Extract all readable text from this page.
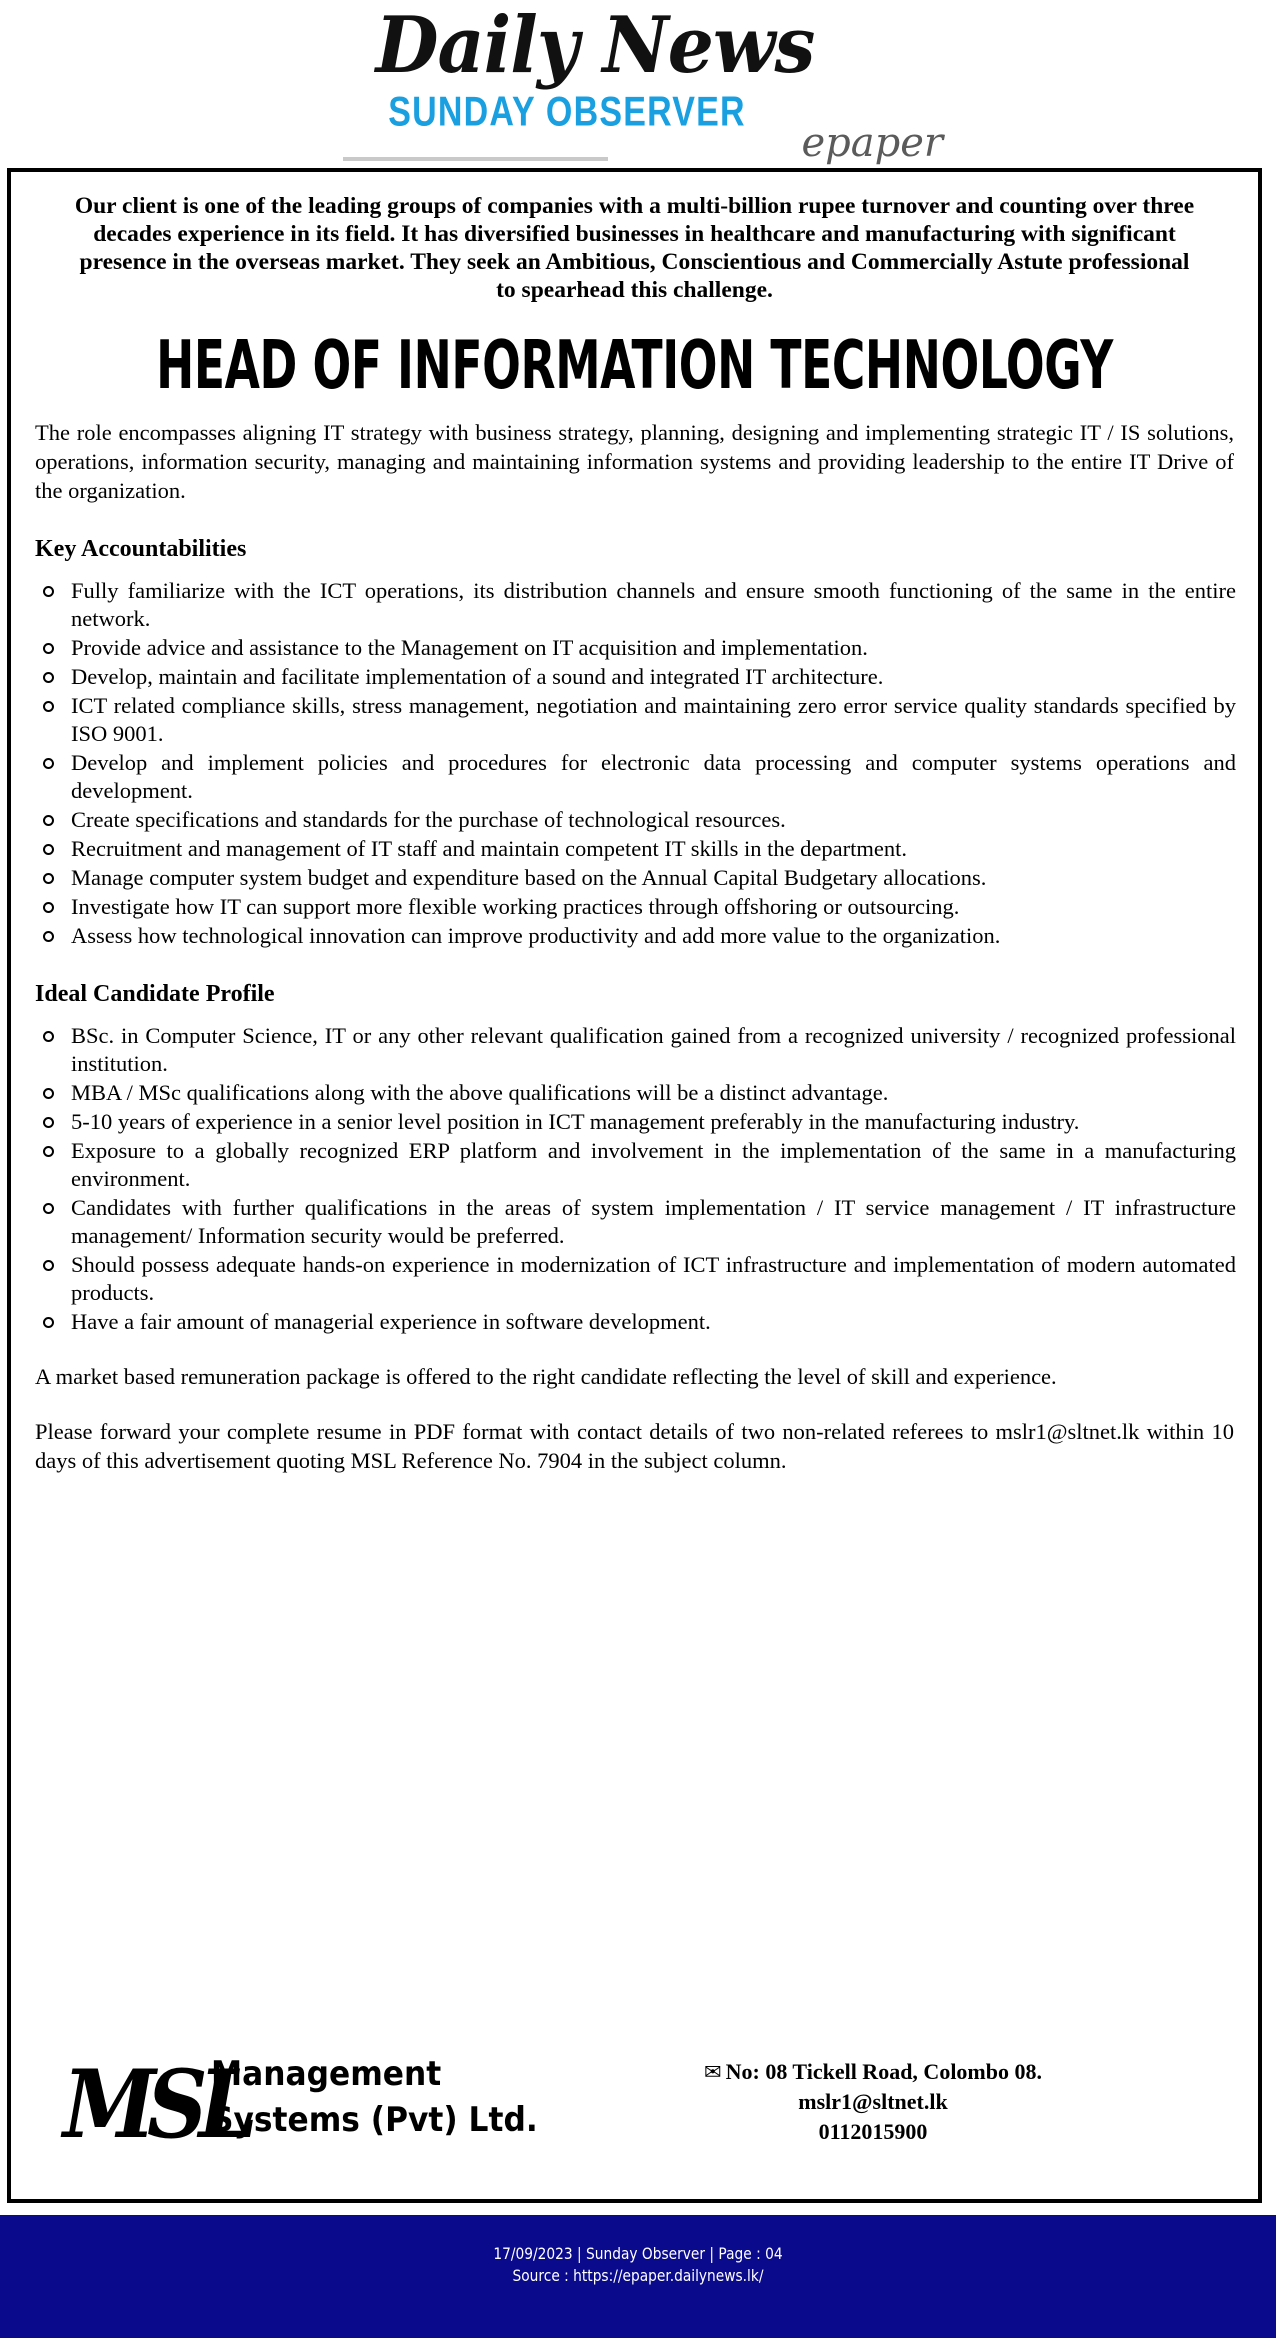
Daily News
SUNDAY OBSERVER
epaper

Our client is one of the leading groups of companies with a multi-billion rupee turnover and counting over three decades experience in its field. It has diversified businesses in healthcare and manufacturing with significant presence in the overseas market. They seek an Ambitious, Conscientious and Commercially Astute professional to spearhead this challenge.

HEAD OF INFORMATION TECHNOLOGY

The role encompasses aligning IT strategy with business strategy, planning, designing and implementing strategic IT / IS solutions, operations, information security, managing and maintaining information systems and providing leadership to the entire IT Drive of the organization.

Key Accountabilities
Fully familiarize with the ICT operations, its distribution channels and ensure smooth functioning of the same in the entire network.
Provide advice and assistance to the Management on IT acquisition and implementation.
Develop, maintain and facilitate implementation of a sound and integrated IT architecture.
ICT related compliance skills, stress management, negotiation and maintaining zero error service quality standards specified by ISO 9001.
Develop and implement policies and procedures for electronic data processing and computer systems operations and development.
Create specifications and standards for the purchase of technological resources.
Recruitment and management of IT staff and maintain competent IT skills in the department.
Manage computer system budget and expenditure based on the Annual Capital Budgetary allocations.
Investigate how IT can support more flexible working practices through offshoring or outsourcing.
Assess how technological innovation can improve productivity and add more value to the organization.
Ideal Candidate Profile
BSc. in Computer Science, IT or any other relevant qualification gained from a recognized university / recognized professional institution.
MBA / MSc qualifications along with the above qualifications will be a distinct advantage.
5-10 years of experience in a senior level position in ICT management preferably in the manufacturing industry.
Exposure to a globally recognized ERP platform and involvement in the implementation of the same in a manufacturing environment.
Candidates with further qualifications in the areas of system implementation / IT service management / IT infrastructure management/ Information security would be preferred.
Should possess adequate hands-on experience in modernization of ICT infrastructure and implementation of modern automated products.
Have a fair amount of managerial experience in software development.

A market based remuneration package is offered to the right candidate reflecting the level of skill and experience.

Please forward your complete resume in PDF format with contact details of two non-related referees to mslr1@sltnet.lk within 10 days of this advertisement quoting MSL Reference No. 7904 in the subject column.

MSL
Management
Systems (Pvt) Ltd.
✉ No: 08 Tickell Road, Colombo 08.
mslr1@sltnet.lk
0112015900
17/09/2023 | Sunday Observer | Page : 04
Source : https://epaper.dailynews.lk/
